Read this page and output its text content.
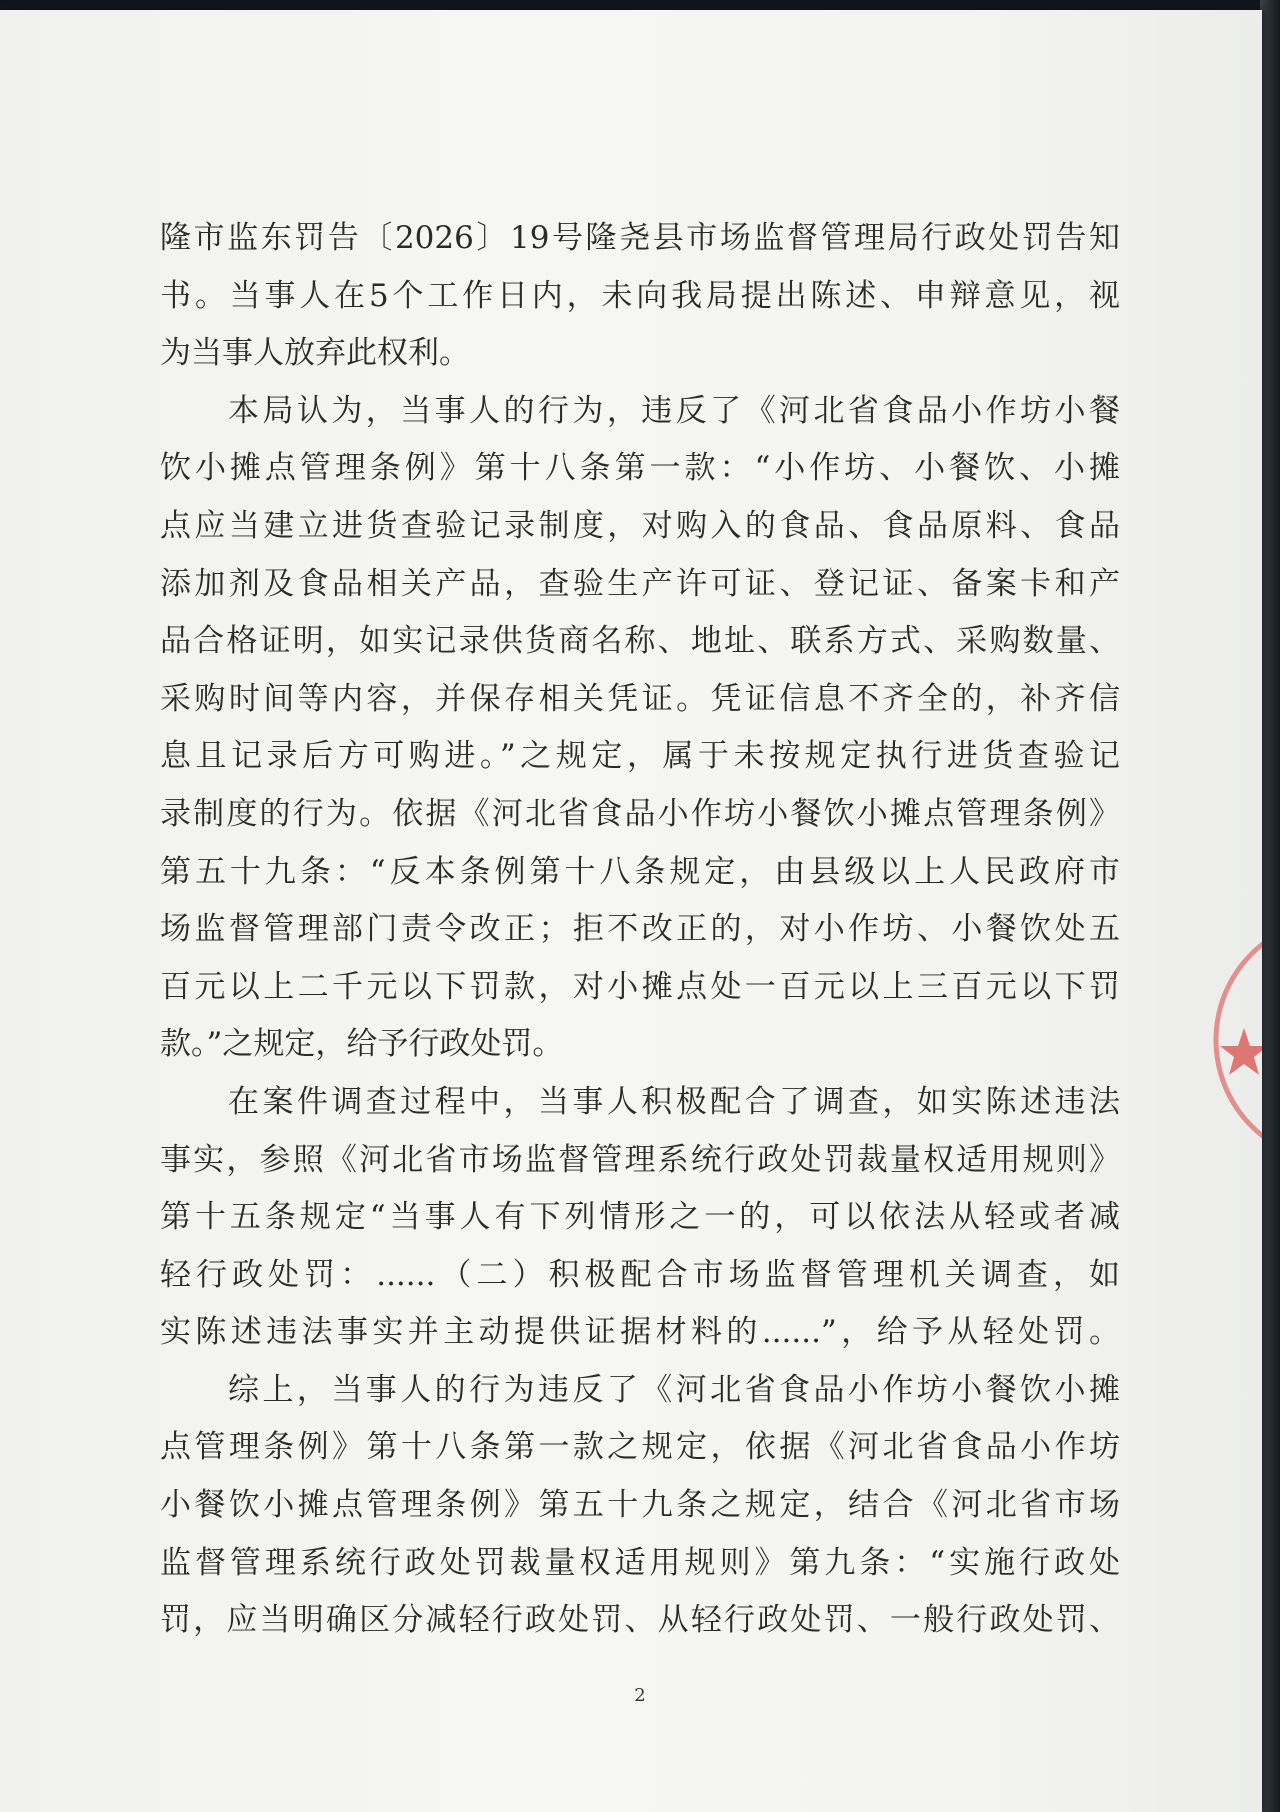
隆市监东罚告〔2026〕19号隆尧县市场监督管理局行政处罚告知
书。当事人在5个工作日内，未向我局提出陈述、申辩意见，视
为当事人放弃此权利。
本局认为，当事人的行为，违反了《河北省食品小作坊小餐
饮小摊点管理条例》第十八条第一款：“小作坊、小餐饮、小摊
点应当建立进货查验记录制度，对购入的食品、食品原料、食品
添加剂及食品相关产品，查验生产许可证、登记证、备案卡和产
品合格证明，如实记录供货商名称、地址、联系方式、采购数量、
采购时间等内容，并保存相关凭证。凭证信息不齐全的，补齐信
息且记录后方可购进。”之规定，属于未按规定执行进货查验记
录制度的行为。依据《河北省食品小作坊小餐饮小摊点管理条例》
第五十九条：“反本条例第十八条规定，由县级以上人民政府市
场监督管理部门责令改正；拒不改正的，对小作坊、小餐饮处五
百元以上二千元以下罚款，对小摊点处一百元以上三百元以下罚
款。”之规定，给予行政处罚。
在案件调查过程中，当事人积极配合了调查，如实陈述违法
事实，参照《河北省市场监督管理系统行政处罚裁量权适用规则》
第十五条规定“当事人有下列情形之一的，可以依法从轻或者减
轻行政处罚：......（二）积极配合市场监督管理机关调查，如
实陈述违法事实并主动提供证据材料的......”，给予从轻处罚。
综上，当事人的行为违反了《河北省食品小作坊小餐饮小摊
点管理条例》第十八条第一款之规定，依据《河北省食品小作坊
小餐饮小摊点管理条例》第五十九条之规定，结合《河北省市场
监督管理系统行政处罚裁量权适用规则》第九条：“实施行政处
罚，应当明确区分减轻行政处罚、从轻行政处罚、一般行政处罚、
2
